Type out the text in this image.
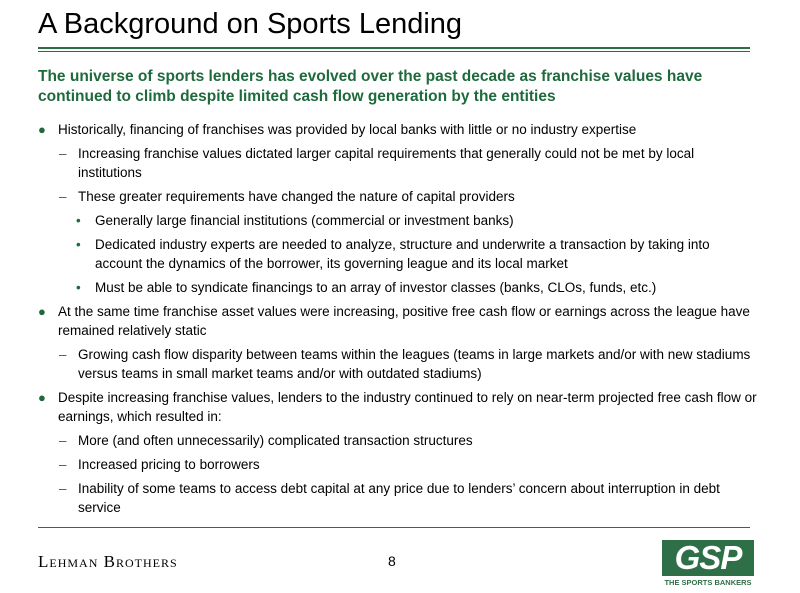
A Background on Sports Lending
The universe of sports lenders has evolved over the past decade as franchise values have continued to climb despite limited cash flow generation by the entities
● Historically, financing of franchises was provided by local banks with little or no industry expertise
– Increasing franchise values dictated larger capital requirements that generally could not be met by local institutions
– These greater requirements have changed the nature of capital providers
• Generally large financial institutions (commercial or investment banks)
• Dedicated industry experts are needed to analyze, structure and underwrite a transaction by taking into account the dynamics of the borrower, its governing league and its local market
• Must be able to syndicate financings to an array of investor classes (banks, CLOs, funds, etc.)
● At the same time franchise asset values were increasing, positive free cash flow or earnings across the league have remained relatively static
– Growing cash flow disparity between teams within the leagues (teams in large markets and/or with new stadiums versus teams in small market teams and/or with outdated stadiums)
● Despite increasing franchise values, lenders to the industry continued to rely on near-term projected free cash flow or earnings, which resulted in:
– More (and often unnecessarily) complicated transaction structures
– Increased pricing to borrowers
– Inability of some teams to access debt capital at any price due to lenders’ concern about interruption in debt service
Lehman Brothers	8	GSP
THE SPORTS BANKERS
